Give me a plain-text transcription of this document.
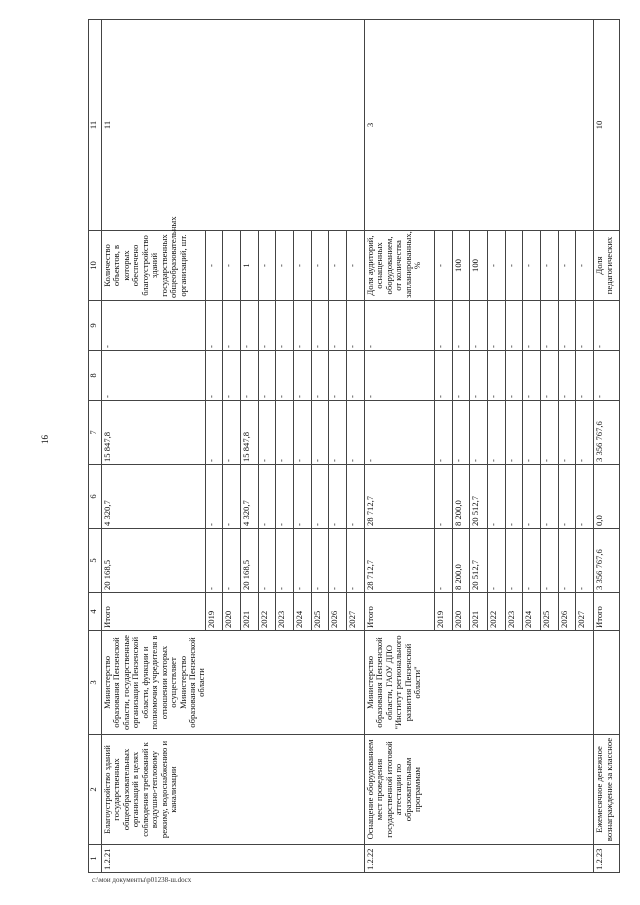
16
1	2	3	4	5	6	7	8	9	10	11
1.2.21	Благоустройство зданий государственных общеобразовательных организаций в целях соблюдения требований к воздушно-тепловому режиму, водоснабжению и канализации	Министерство образования Пензенской области, государственные организации Пензенской области, функции и полномочия учредителя в отношении которых осуществляет Министерство образования Пензенской области	Итого	20 168,5	4 320,7	15 847,8	-	-	Количество объектов, в которых обеспечено благоустройство зданий государственных общеобразовательных организаций, шт.	11
			2019	-	-	-	-	-	-	
			2020	-	-	-	-	-	-	
			2021	20 168,5	4 320,7	15 847,8	-	-	1	
			2022	-	-	-	-	-	-	
			2023	-	-	-	-	-	-	
			2024	-	-	-	-	-	-	
			2025	-	-	-	-	-	-	
			2026	-	-	-	-	-	-	
			2027	-	-	-	-	-	-	
1.2.22	Оснащение оборудованием мест проведения государственной итоговой аттестации по образовательным программам	Министерство образования Пензенской области, ГАОУ ДПО "Институт регионального развития Пензенской области"	Итого	28 712,7	28 712,7	-	-	-	Доля аудиторий, оснащенных оборудованием, от количества запланированных, %	3
			2019	-	-	-	-	-	-	
			2020	8 200,0	8 200,0	-	-	-	100	
			2021	20 512,7	20 512,7	-	-	-	100	
			2022	-	-	-	-	-	-	
			2023	-	-	-	-	-	-	
			2024	-	-	-	-	-	-	
			2025	-	-	-	-	-	-	
			2026	-	-	-	-	-	-	
			2027	-	-	-	-	-	-	
1.2.23	Ежемесячное денежное вознаграждение за классное		Итого	3 356 767,6	0,0	3 356 767,6	-	-	Доля педагогических	10
c:\мои документы\р01238-ш.docx
